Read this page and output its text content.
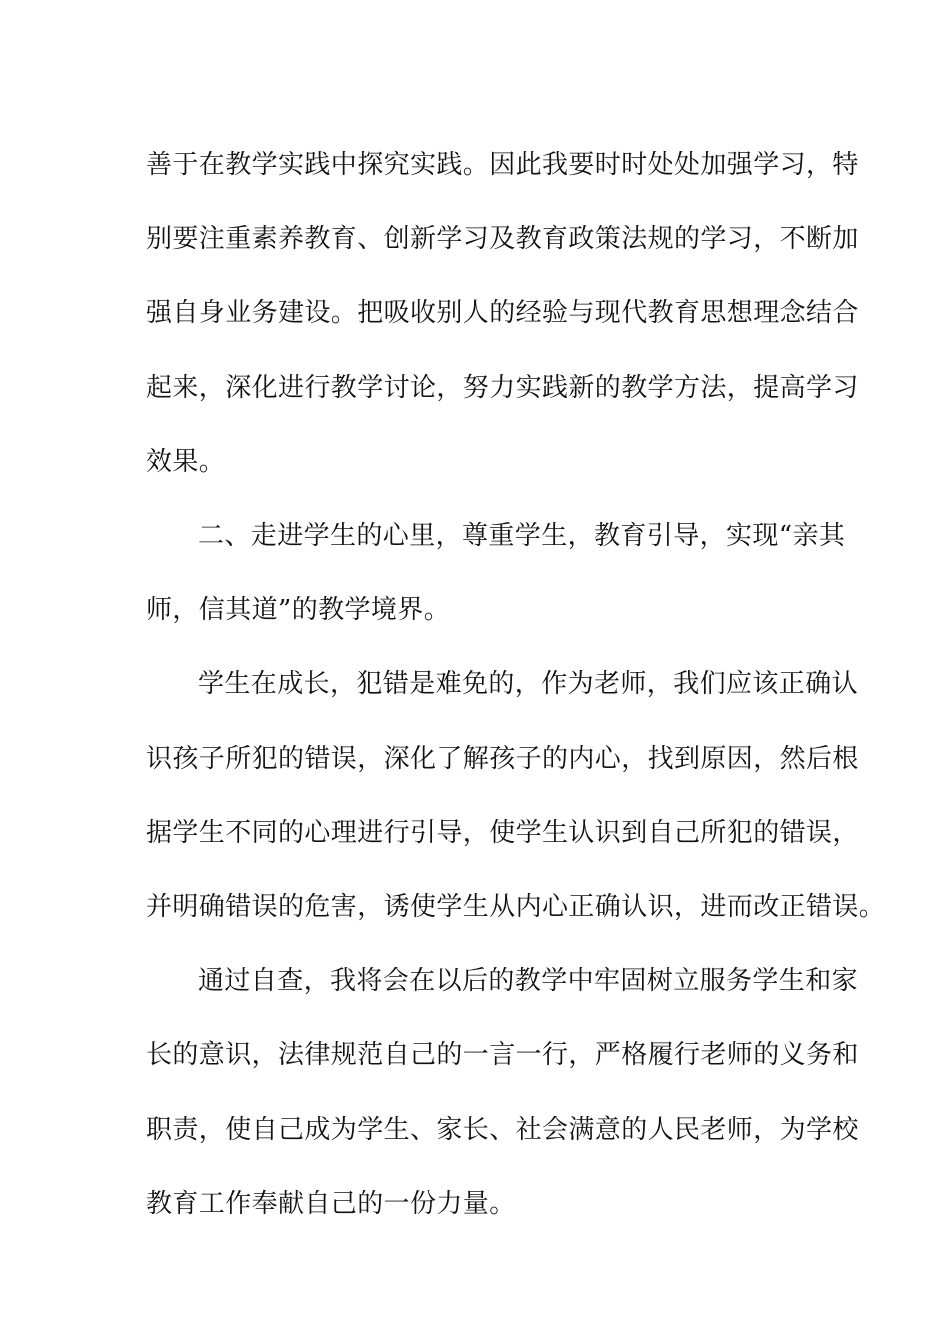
善于在教学实践中探究实践。因此我要时时处处加强学习，特
别要注重素养教育、创新学习及教育政策法规的学习，不断加
强自身业务建设。把吸收别人的经验与现代教育思想理念结合
起来，深化进行教学讨论，努力实践新的教学方法，提高学习
效果。

二、走进学生的心里，尊重学生，教育引导，实现“亲其
师，信其道”的教学境界。

学生在成长，犯错是难免的，作为老师，我们应该正确认
识孩子所犯的错误，深化了解孩子的内心，找到原因，然后根
据学生不同的心理进行引导，使学生认识到自己所犯的错误，
并明确错误的危害，诱使学生从内心正确认识，进而改正错误。

通过自查，我将会在以后的教学中牢固树立服务学生和家
长的意识，法律规范自己的一言一行，严格履行老师的义务和
职责，使自己成为学生、家长、社会满意的人民老师，为学校
教育工作奉献自己的一份力量。
